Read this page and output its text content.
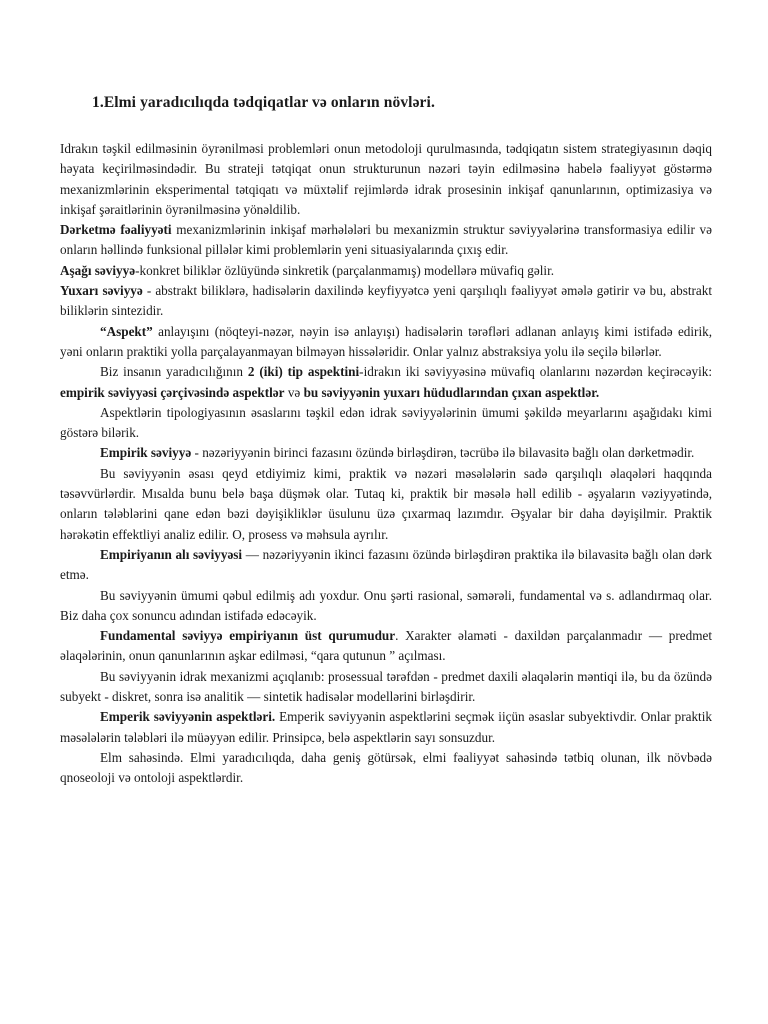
1.Elmi yaradıcılıqda tədqiqatlar və onların növləri.

Idrakın təşkil edilməsinin öyrənilməsi problemləri onun metodoloji qurulmasında, tədqiqatın sistem strategiyasının dəqiq həyata keçirilməsindədir. Bu strateji tətqiqat onun strukturunun nəzəri təyin edilməsinə habelə fəaliyyət göstərmə mexanizmlərinin eksperimental tətqiqatı və müxtəlif rejimlərdə idrak prosesinin inkişaf qanunlarının, optimizasiya və inkişaf şəraitlərinin öyrənilməsinə yönəldilib.

Dərketmə fəaliyyəti mexanizmlərinin inkişaf mərhələləri bu mexanizmin struktur səviyyələrinə transformasiya edilir və onların həllində funksional pillələr kimi problemlərin yeni situasiyalarında çıxış edir.

Aşağı səviyyə-konkret biliklər özlüyündə sinkretik (parçalanmamış) modellərə müvafiq gəlir.

Yuxarı səviyyə - abstrakt biliklərə, hadisələrin daxilində keyfiyyətcə yeni qarşılıqlı fəaliyyət əmələ gətirir və bu, abstrakt biliklərin sintezidir.

“Aspekt” anlayışını (nöqteyi-nəzər, nəyin isə anlayışı) hadisələrin tərəfləri adlanan anlayış kimi istifadə edirik, yəni onların praktiki yolla parçalayanmayan bilməyən hissələridir. Onlar yalnız abstraksiya yolu ilə seçilə bilərlər.

Biz insanın yaradıcılığının 2 (iki) tip aspektini-idrakın iki səviyyəsinə müvafiq olanlarını nəzərdən keçirəcəyik: empirik səviyyəsi çərçivəsində aspektlər və bu səviyyənin yuxarı hüdudlarından çıxan aspektlər.

Aspektlərin tipologiyasının əsaslarını təşkil edən idrak səviyyələrinin ümumi şəkildə meyarlarını aşağıdakı kimi göstərə bilərik.

Empirik səviyyə - nəzəriyyənin birinci fazasını özündə birləşdirən, təcrübə ilə bilavasitə bağlı olan dərketmədir.

Bu səviyyənin əsası qeyd etdiyimiz kimi, praktik və nəzəri məsələlərin sadə qarşılıqlı əlaqələri haqqında təsəvvürlərdir. Mısalda bunu belə başa düşmək olar. Tutaq ki, praktik bir məsələ həll edilib - əşyaların vəziyyətində, onların tələblərini qane edən bəzi dəyişikliklər üsulunu üzə çıxarmaq lazımdır. Əşyalar bir daha dəyişilmir. Praktik hərəkətin effektliyi analiz edilir. O, prosess və məhsula ayrılır.

Empiriyanın alı səviyyəsi — nəzəriyyənin ikinci fazasını özündə birləşdirən praktika ilə bilavasitə bağlı olan dərk etmə.

Bu səviyyənin ümumi qəbul edilmiş adı yoxdur. Onu şərti rasional, səmərəli, fundamental və s. adlandırmaq olar. Biz daha çox sonuncu adından istifadə edəcəyik.

Fundamental səviyyə empiriyanın üst qurumudur. Xarakter əlaməti - daxildən parçalanmadır — predmet əlaqələrinin, onun qanunlarının aşkar edilməsi, “qara qutunun ” açılması.

Bu səviyyənin idrak mexanizmi açıqlanıb: prosessual tərəfdən - predmet daxili əlaqələrin məntiqi ilə, bu da özündə subyekt - diskret, sonra isə analitik — sintetik hadisələr modellərini birləşdirir.

Emperik səviyyənin aspektləri. Emperik səviyyənin aspektlərini seçmək iiçün əsaslar subyektivdir. Onlar praktik məsələlərin tələbləri ilə müəyyən edilir. Prinsipcə, belə aspektlərin sayı sonsuzdur.

Elm sahəsində. Elmi yaradıcılıqda, daha geniş götürsək, elmi fəaliyyət sahəsində tətbiq olunan, ilk növbədə qnoseoloji və ontoloji aspektlərdir.
